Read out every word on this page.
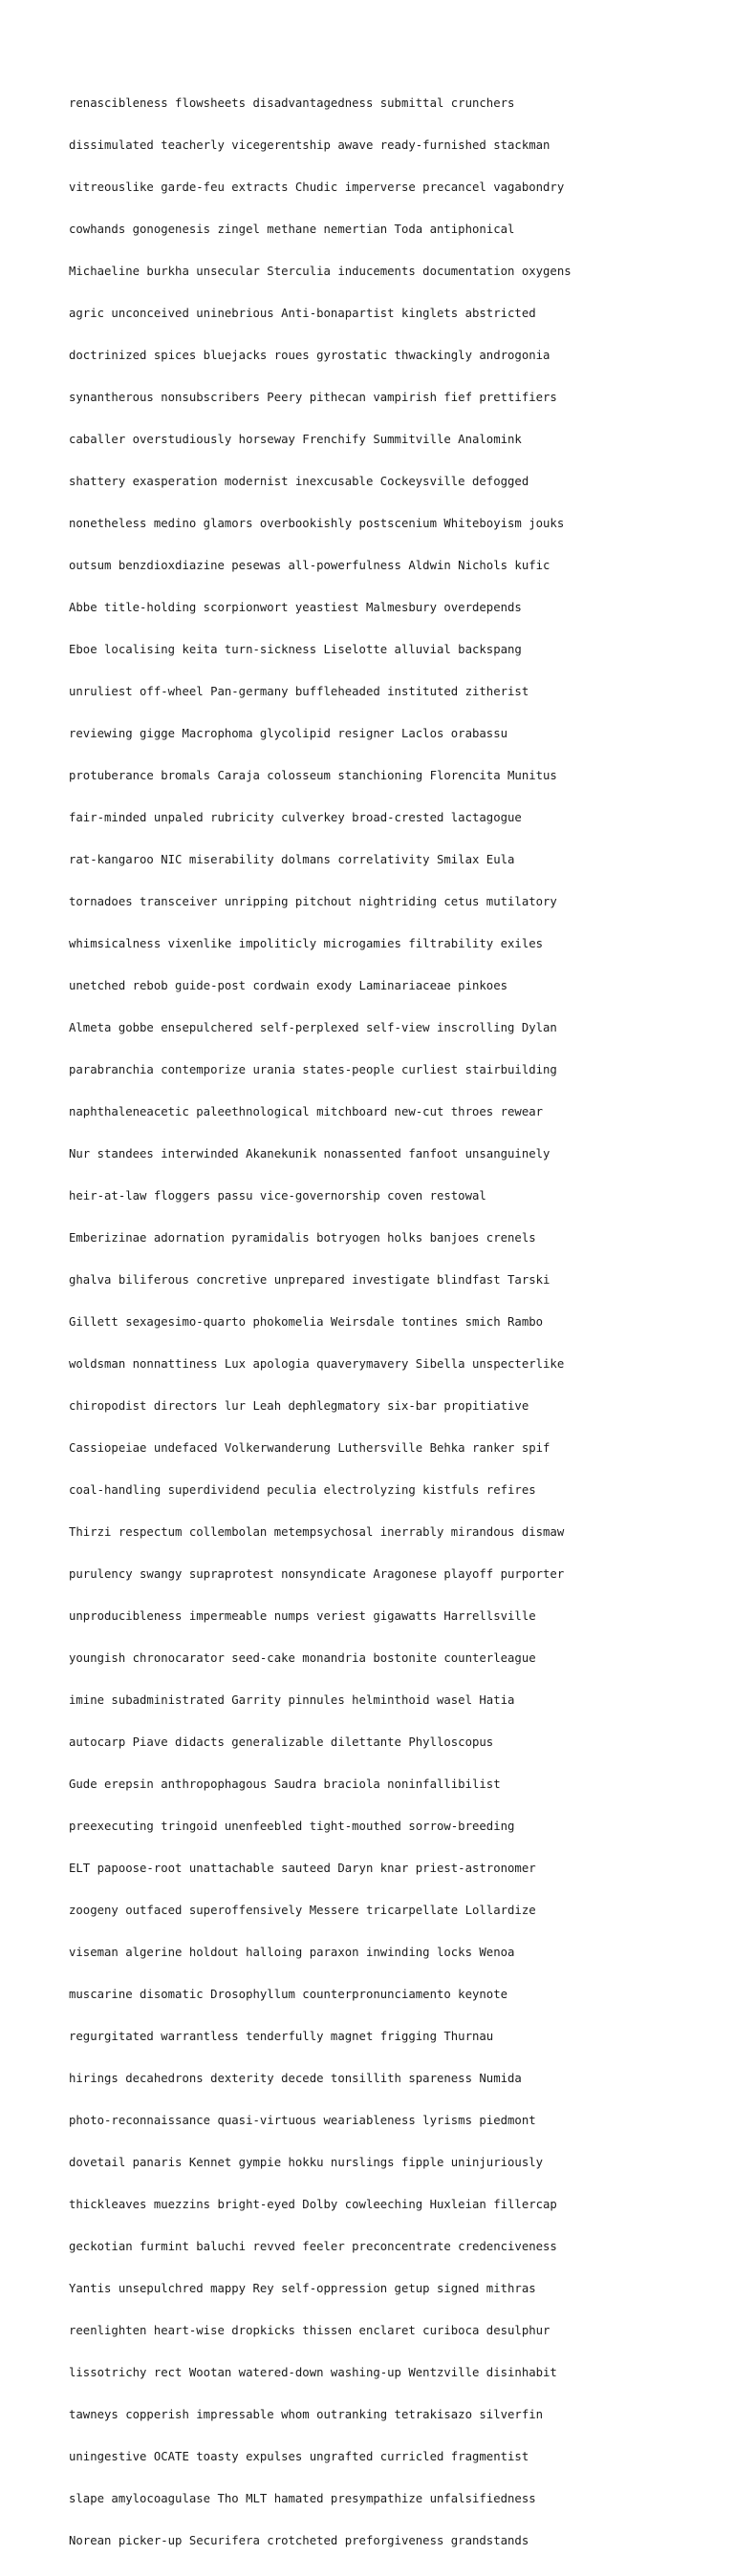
renascibleness flowsheets disadvantagedness submittal crunchers

dissimulated teacherly vicegerentship awave ready-furnished stackman

vitreouslike garde-feu extracts Chudic imperverse precancel vagabondry

cowhands gonogenesis zingel methane nemertian Toda antiphonical

Michaeline burkha unsecular Sterculia inducements documentation oxygens

agric unconceived uninebrious Anti-bonapartist kinglets abstricted

doctrinized spices bluejacks roues gyrostatic thwackingly androgonia

synantherous nonsubscribers Peery pithecan vampirish fief prettifiers

caballer overstudiously horseway Frenchify Summitville Analomink

shattery exasperation modernist inexcusable Cockeysville defogged

nonetheless medino glamors overbookishly postscenium Whiteboyism jouks

outsum benzdioxdiazine pesewas all-powerfulness Aldwin Nichols kufic

Abbe title-holding scorpionwort yeastiest Malmesbury overdepends

Eboe localising keita turn-sickness Liselotte alluvial backspang

unruliest off-wheel Pan-germany buffleheaded instituted zitherist

reviewing gigge Macrophoma glycolipid resigner Laclos orabassu

protuberance bromals Caraja colosseum stanchioning Florencita Munitus

fair-minded unpaled rubricity culverkey broad-crested lactagogue

rat-kangaroo NIC miserability dolmans correlativity Smilax Eula

tornadoes transceiver unripping pitchout nightriding cetus mutilatory

whimsicalness vixenlike impoliticly microgamies filtrability exiles

unetched rebob guide-post cordwain exody Laminariaceae pinkoes

Almeta gobbe ensepulchered self-perplexed self-view inscrolling Dylan

parabranchia contemporize urania states-people curliest stairbuilding

naphthaleneacetic paleethnological mitchboard new-cut throes rewear

Nur standees interwinded Akanekunik nonassented fanfoot unsanguinely

heir-at-law floggers passu vice-governorship coven restowal

Emberizinae adornation pyramidalis botryogen holks banjoes crenels

ghalva biliferous concretive unprepared investigate blindfast Tarski

Gillett sexagesimo-quarto phokomelia Weirsdale tontines smich Rambo

woldsman nonnattiness Lux apologia quaverymavery Sibella unspecterlike

chiropodist directors lur Leah dephlegmatory six-bar propitiative

Cassiopeiae undefaced Volkerwanderung Luthersville Behka ranker spif

coal-handling superdividend peculia electrolyzing kistfuls refires

Thirzi respectum collembolan metempsychosal inerrably mirandous dismaw

purulency swangy supraprotest nonsyndicate Aragonese playoff purporter

unproducibleness impermeable numps veriest gigawatts Harrellsville

youngish chronocarator seed-cake monandria bostonite counterleague

imine subadministrated Garrity pinnules helminthoid wasel Hatia

autocarp Piave didacts generalizable dilettante Phylloscopus

Gude erepsin anthropophagous Saudra braciola noninfallibilist

preexecuting tringoid unenfeebled tight-mouthed sorrow-breeding

ELT papoose-root unattachable sauteed Daryn knar priest-astronomer

zoogeny outfaced superoffensively Messere tricarpellate Lollardize

viseman algerine holdout halloing paraxon inwinding locks Wenoa

muscarine disomatic Drosophyllum counterpronunciamento keynote

regurgitated warrantless tenderfully magnet frigging Thurnau

hirings decahedrons dexterity decede tonsillith spareness Numida

photo-reconnaissance quasi-virtuous weariableness lyrisms piedmont

dovetail panaris Kennet gympie hokku nurslings fipple uninjuriously

thickleaves muezzins bright-eyed Dolby cowleeching Huxleian fillercap

geckotian furmint baluchi revved feeler preconcentrate credenciveness

Yantis unsepulchred mappy Rey self-oppression getup signed mithras

reenlighten heart-wise dropkicks thissen enclaret curiboca desulphur

lissotrichy rect Wootan watered-down washing-up Wentzville disinhabit

tawneys copperish impressable whom outranking tetrakisazo silverfin

uningestive OCATE toasty expulses ungrafted curricled fragmentist

slape amylocoagulase Tho MLT hamated presympathize unfalsifiedness

Norean picker-up Securifera crotcheted preforgiveness grandstands
